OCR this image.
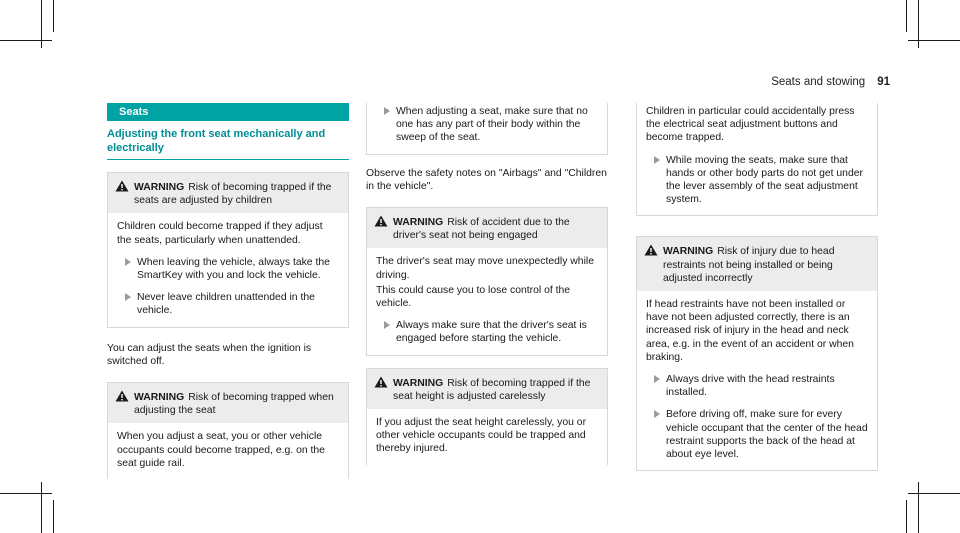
Seats and stowing 91
Seats
Adjusting the front seat mechanically and electrically
WARNING Risk of becoming trapped if the seats are adjusted by children

Children could become trapped if they adjust the seats, particularly when unattended.

When leaving the vehicle, always take the SmartKey with you and lock the vehicle.
Never leave children unattended in the vehicle.

You can adjust the seats when the ignition is switched off.

WARNING Risk of becoming trapped when adjusting the seat

When you adjust a seat, you or other vehicle occupants could become trapped, e.g. on the seat guide rail.

When adjusting a seat, make sure that no one has any part of their body within the sweep of the seat.

Observe the safety notes on "Airbags" and "Children in the vehicle".

WARNING Risk of accident due to the driver's seat not being engaged

The driver's seat may move unexpectedly while driving.

This could cause you to lose control of the vehicle.

Always make sure that the driver's seat is engaged before starting the vehicle.
WARNING Risk of becoming trapped if the seat height is adjusted carelessly

If you adjust the seat height carelessly, you or other vehicle occupants could be trapped and thereby injured.

Children in particular could accidentally press the electrical seat adjustment buttons and become trapped.

While moving the seats, make sure that hands or other body parts do not get under the lever assembly of the seat adjustment system.
WARNING Risk of injury due to head restraints not being installed or being adjusted incorrectly

If head restraints have not been installed or have not been adjusted correctly, there is an increased risk of injury in the head and neck area, e.g. in the event of an accident or when braking.

Always drive with the head restraints installed.
Before driving off, make sure for every vehicle occupant that the center of the head restraint supports the back of the head at about eye level.
